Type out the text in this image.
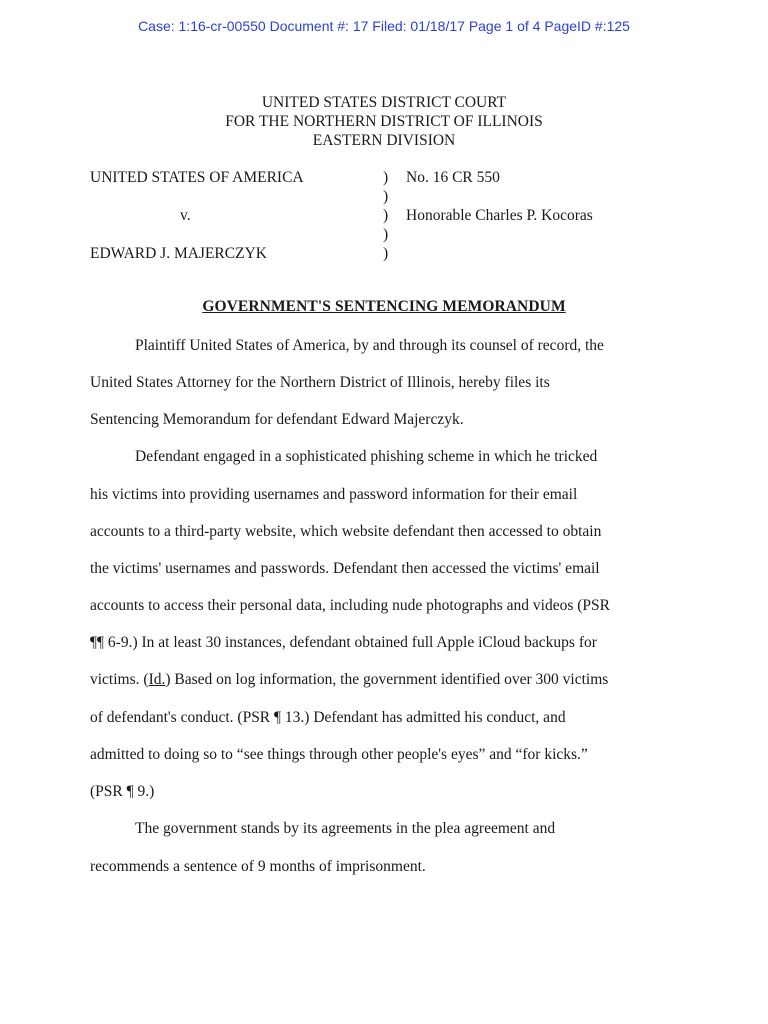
Case: 1:16-cr-00550 Document #: 17 Filed: 01/18/17 Page 1 of 4 PageID #:125
UNITED STATES DISTRICT COURT
FOR THE NORTHERN DISTRICT OF ILLINOIS
EASTERN DIVISION
UNITED STATES OF AMERICA	) No. 16 CR 550
)
v.	) Honorable Charles P. Kocoras
)
EDWARD J. MAJERCZYK	)
GOVERNMENT'S SENTENCING MEMORANDUM
Plaintiff United States of America, by and through its counsel of record, the
United States Attorney for the Northern District of Illinois, hereby files its
Sentencing Memorandum for defendant Edward Majerczyk.
Defendant engaged in a sophisticated phishing scheme in which he tricked
his victims into providing usernames and password information for their email
accounts to a third-party website, which website defendant then accessed to obtain
the victims' usernames and passwords. Defendant then accessed the victims' email
accounts to access their personal data, including nude photographs and videos (PSR
¶¶ 6-9.) In at least 30 instances, defendant obtained full Apple iCloud backups for
victims. (Id.) Based on log information, the government identified over 300 victims
of defendant's conduct. (PSR ¶ 13.) Defendant has admitted his conduct, and
admitted to doing so to “see things through other people's eyes” and “for kicks.”
(PSR ¶ 9.)
The government stands by its agreements in the plea agreement and
recommends a sentence of 9 months of imprisonment.
